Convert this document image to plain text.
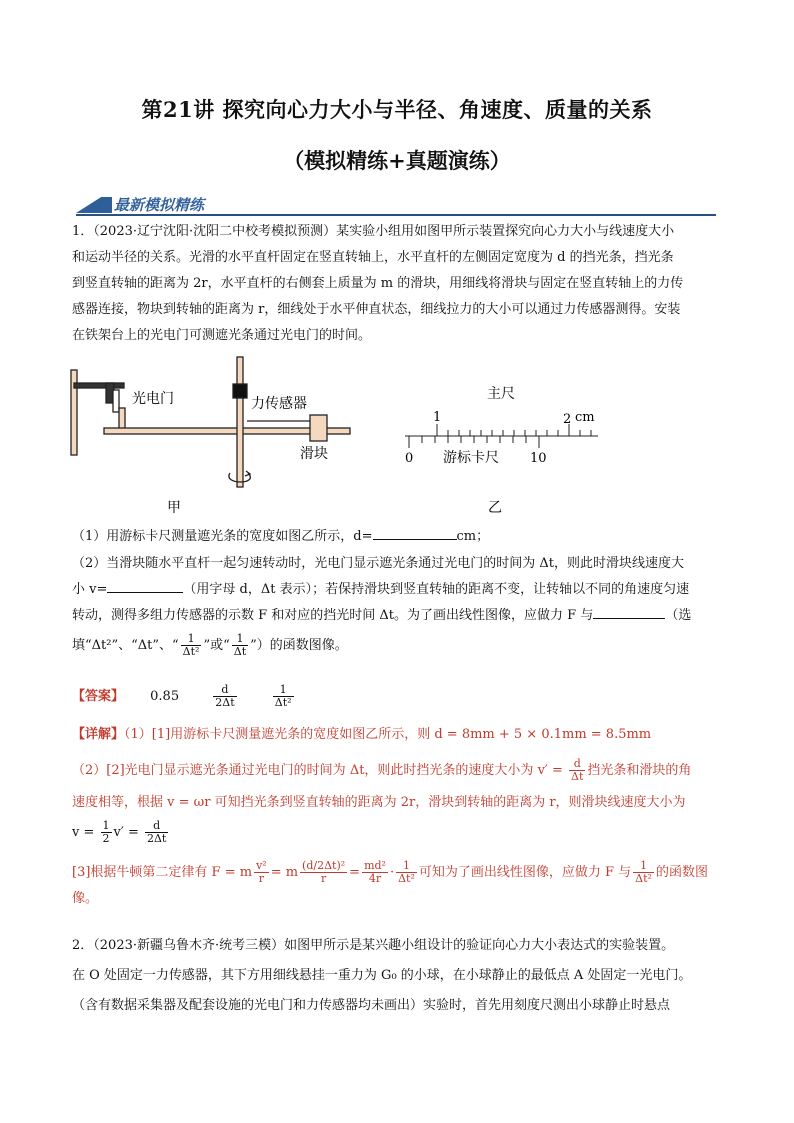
第21讲 探究向心力大小与半径、角速度、质量的关系
（模拟精练+真题演练）
最新模拟精练
1．（2023·辽宁沈阳·沈阳二中校考模拟预测）某实验小组用如图甲所示装置探究向心力大小与线速度大小
和运动半径的关系。光滑的水平直杆固定在竖直转轴上，水平直杆的左侧固定宽度为 d 的挡光条，挡光条
到竖直转轴的距离为 2r，水平直杆的右侧套上质量为 m 的滑块，用细线将滑块与固定在竖直转轴上的力传
感器连接，物块到转轴的距离为 r，细线处于水平伸直状态，细线拉力的大小可以通过力传感器测得。安装
在铁架台上的光电门可测遮光条通过光电门的时间。
光电门	力传感器
滑块
甲
1
主尺
2 cm
0 游标卡尺 10
乙
（1）用游标卡尺测量遮光条的宽度如图乙所示，d=	cm；
（2）当滑块随水平直杆一起匀速转动时，光电门显示遮光条通过光电门的时间为 Δt，则此时滑块线速度大
小 v=	（用字母 d，Δt 表示）；若保持滑块到竖直转轴的距离不变，让转轴以不同的角速度匀速
转动，测得多组力传感器的示数 F 和对应的挡光时间 Δt。为了画出线性图像，应做力 F 与	（选
填“Δt²”、“Δt”、“ $\frac{1}{\text{Δt²}}$ ”或“ $\frac{1}{\Delta t}$ ”）的函数图像。
【答案】 0.85	$\frac{d}{2\Delta t}$
	$\frac{1}{\text{Δt²}}$
【详解】（1）[1]用游标卡尺测量遮光条的宽度如图乙所示，则 d = 8mm + 5 × 0.1mm = 8.5mm
（2）[2]光电门显示遮光条通过光电门的时间为 Δt，则此时挡光条的速度大小为 $v' = \frac{d}{\Delta t}$ 挡光条和滑块的角
速度相等，根据 v = ωr 可知挡光条到竖直转轴的距离为 2r，滑块到转轴的距离为 r，则滑块线速度大小为
$v = \frac{1}{2} v' = \frac{d}{2\Delta t}$
[3]根据牛顿第二定律有 F = m $\frac{\text{v²}}{r} = m \frac{\text{(d/2Δt)²}}{r} = \frac{\text{md²}}{4r} \cdot \frac{1}{\text{Δt²}}$ 可知为了画出线性图像，应做力 F 与 $\frac{1}{\text{Δt²}}$ 的函数图像。
2．（2023·新疆乌鲁木齐·统考三模）如图甲所示是某兴趣小组设计的验证向心力大小表达式的实验装置。
在 O 处固定一力传感器，其下方用细线悬挂一重力为 G₀ 的小球，在小球静止的最低点 A 处固定一光电门。
（含有数据采集器及配套设施的光电门和力传感器均未画出）实验时，首先用刻度尺测出小球静止时悬点
